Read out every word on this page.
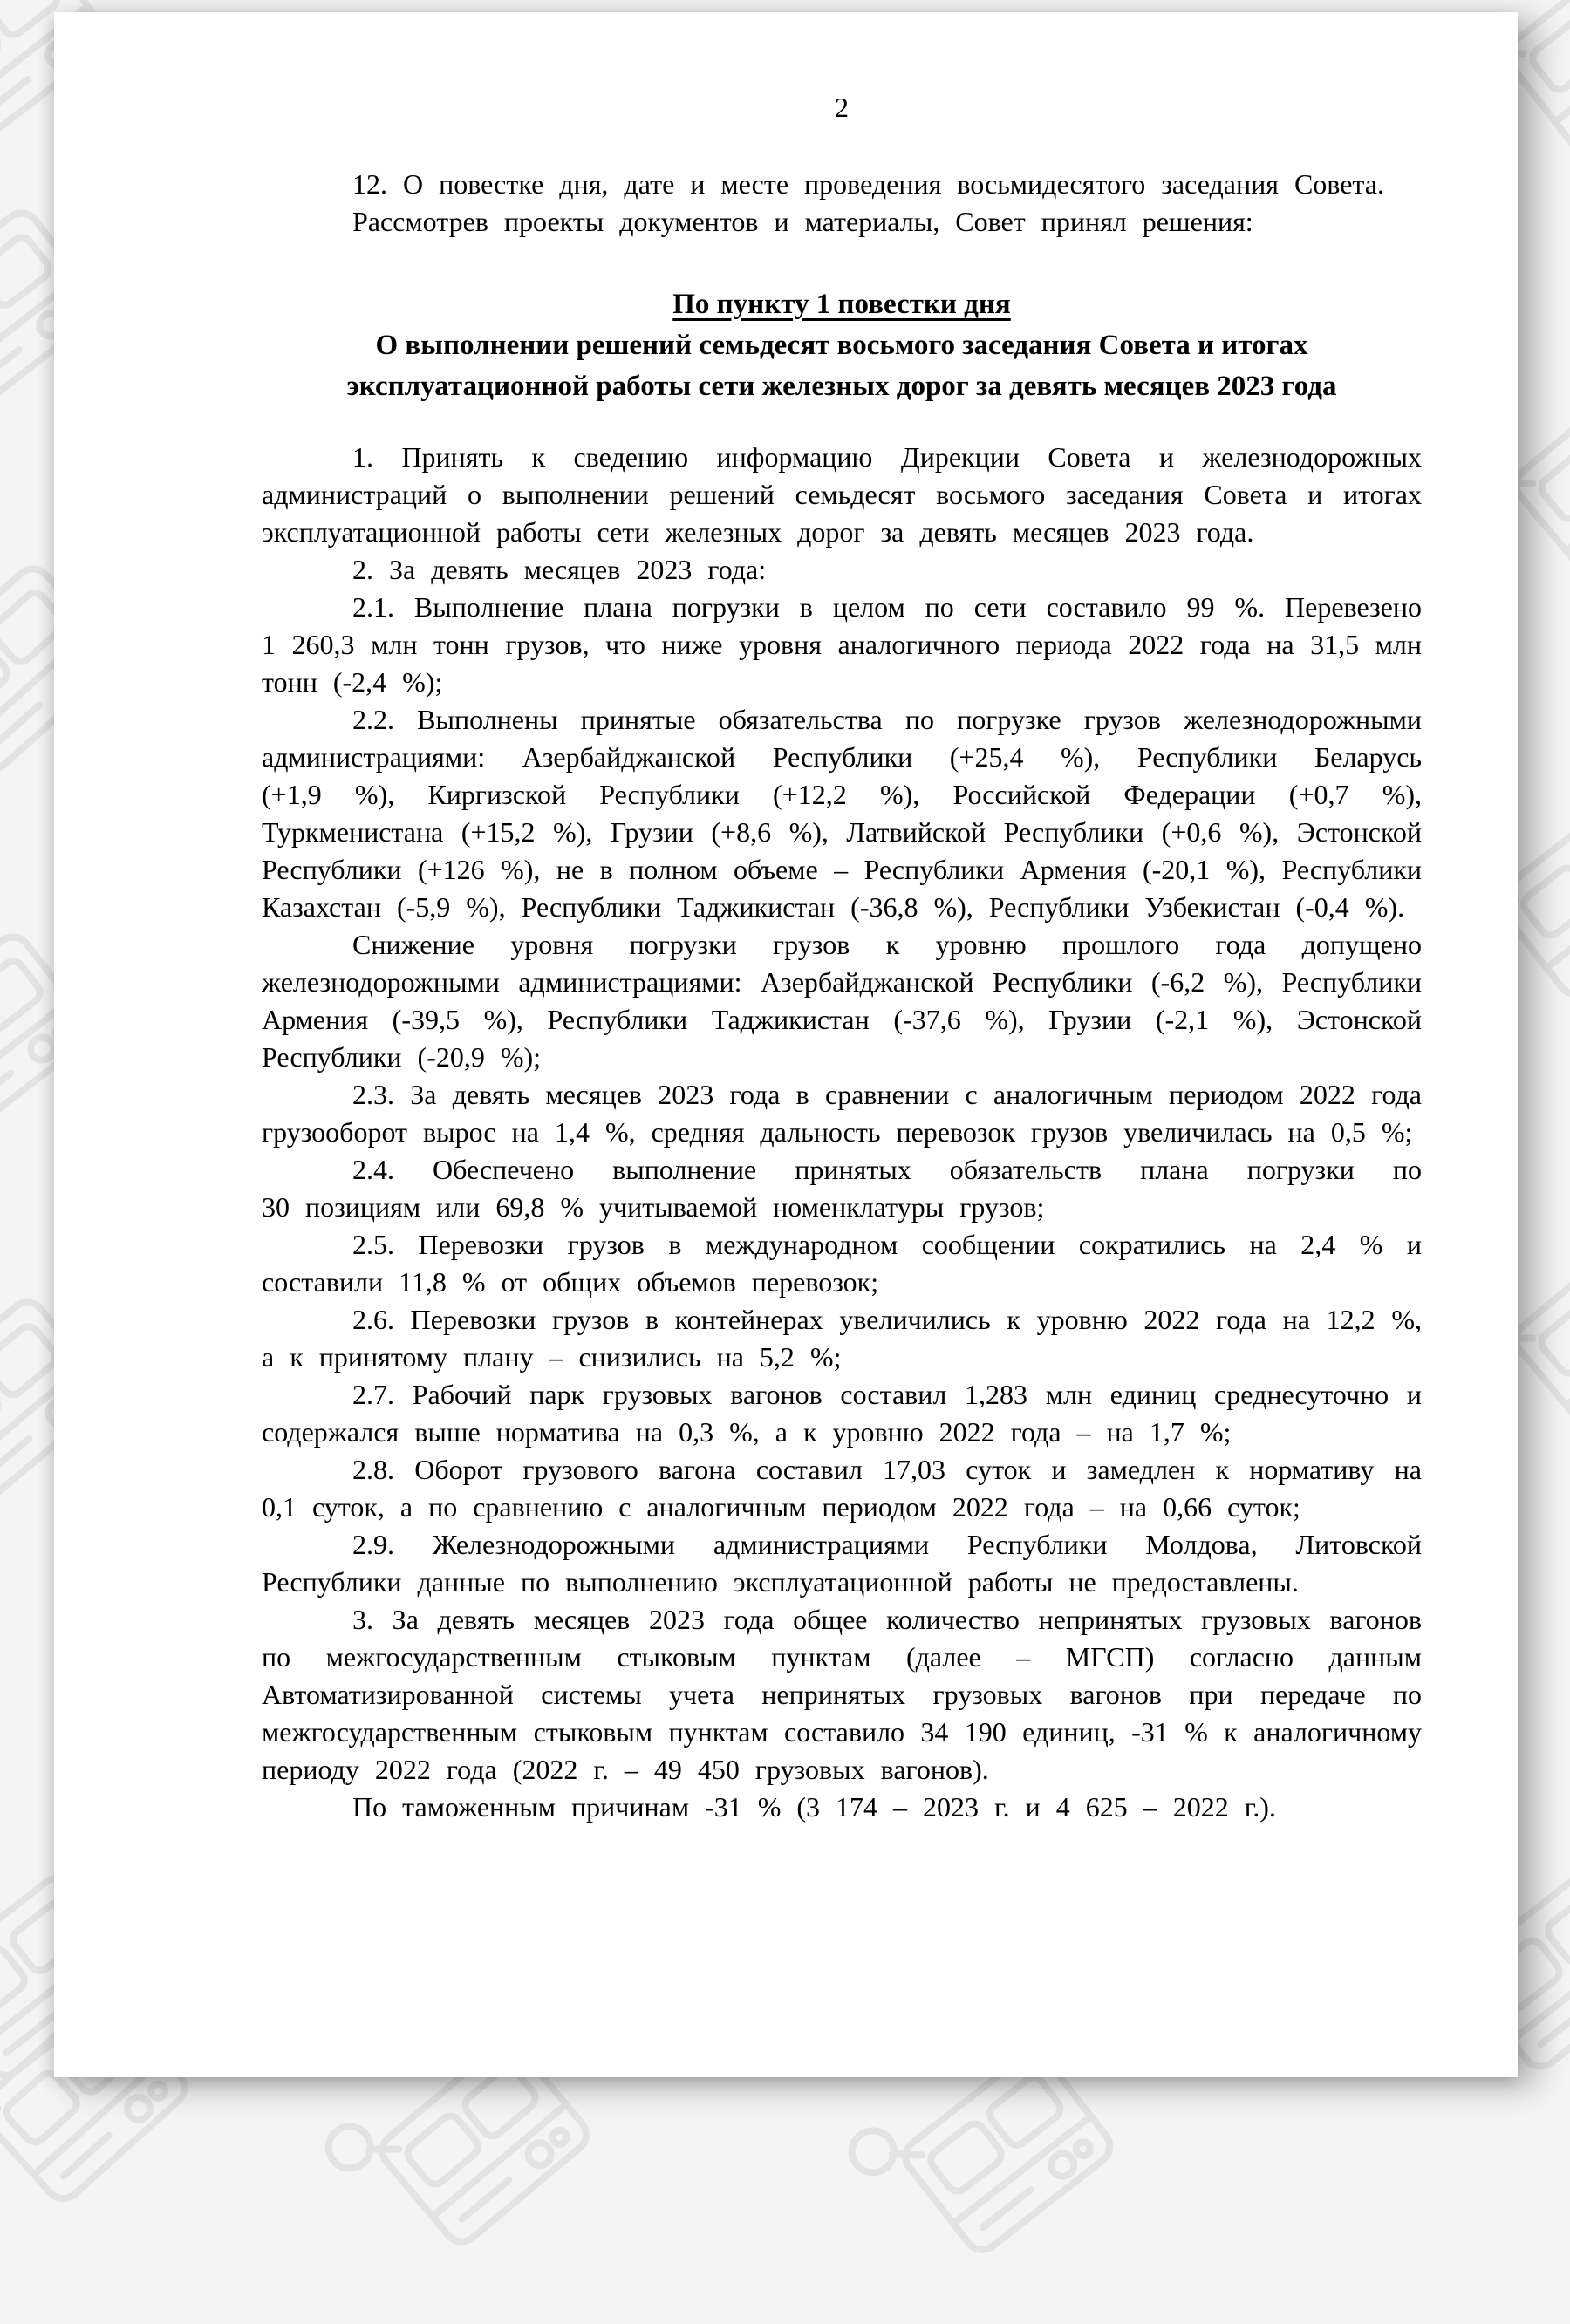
2

12. О повестке дня, дате и месте проведения восьмидесятого заседания Совета.

Рассмотрев проекты документов и материалы, Совет принял решения:

По пункту 1 повестки дня
О выполнении решений семьдесят восьмого заседания Совета и итогах эксплуатационной работы сети железных дорог за девять месяцев 2023 года

1. Принять к сведению информацию Дирекции Совета и железнодорожных администраций о выполнении решений семьдесят восьмого заседания Совета и итогах эксплуатационной работы сети железных дорог за девять месяцев 2023 года.

2. За девять месяцев 2023 года:

2.1. Выполнение плана погрузки в целом по сети составило 99 %. Перевезено 1 260,3 млн тонн грузов, что ниже уровня аналогичного периода 2022 года на 31,5 млн тонн (-2,4 %);

2.2. Выполнены принятые обязательства по погрузке грузов железнодорожными администрациями: Азербайджанской Республики (+25,4 %), Республики Беларусь (+1,9 %), Киргизской Республики (+12,2 %), Российской Федерации (+0,7 %), Туркменистана (+15,2 %), Грузии (+8,6 %), Латвийской Республики (+0,6 %), Эстонской Республики (+126 %), не в полном объеме – Республики Армения (-20,1 %), Республики Казахстан (-5,9 %), Республики Таджикистан (-36,8 %), Республики Узбекистан (-0,4 %).

Снижение уровня погрузки грузов к уровню прошлого года допущено железнодорожными администрациями: Азербайджанской Республики (-6,2 %), Республики Армения (-39,5 %), Республики Таджикистан (-37,6 %), Грузии (-2,1 %), Эстонской Республики (-20,9 %);

2.3. За девять месяцев 2023 года в сравнении с аналогичным периодом 2022 года грузооборот вырос на 1,4 %, средняя дальность перевозок грузов увеличилась на 0,5 %;

2.4. Обеспечено выполнение принятых обязательств плана погрузки по 30 позициям или 69,8 % учитываемой номенклатуры грузов;

2.5. Перевозки грузов в международном сообщении сократились на 2,4 % и составили 11,8 % от общих объемов перевозок;

2.6. Перевозки грузов в контейнерах увеличились к уровню 2022 года на 12,2 %, а к принятому плану – снизились на 5,2 %;

2.7. Рабочий парк грузовых вагонов составил 1,283 млн единиц среднесуточно и содержался выше норматива на 0,3 %, а к уровню 2022 года – на 1,7 %;

2.8. Оборот грузового вагона составил 17,03 суток и замедлен к нормативу на 0,1 суток, а по сравнению с аналогичным периодом 2022 года – на 0,66 суток;

2.9. Железнодорожными администрациями Республики Молдова, Литовской Республики данные по выполнению эксплуатационной работы не предоставлены.

3. За девять месяцев 2023 года общее количество непринятых грузовых вагонов по межгосударственным стыковым пунктам (далее – МГСП) согласно данным Автоматизированной системы учета непринятых грузовых вагонов при передаче по межгосударственным стыковым пунктам составило 34 190 единиц, -31 % к аналогичному периоду 2022 года (2022 г. – 49 450 грузовых вагонов).

По таможенным причинам -31 % (3 174 – 2023 г. и 4 625 – 2022 г.).
